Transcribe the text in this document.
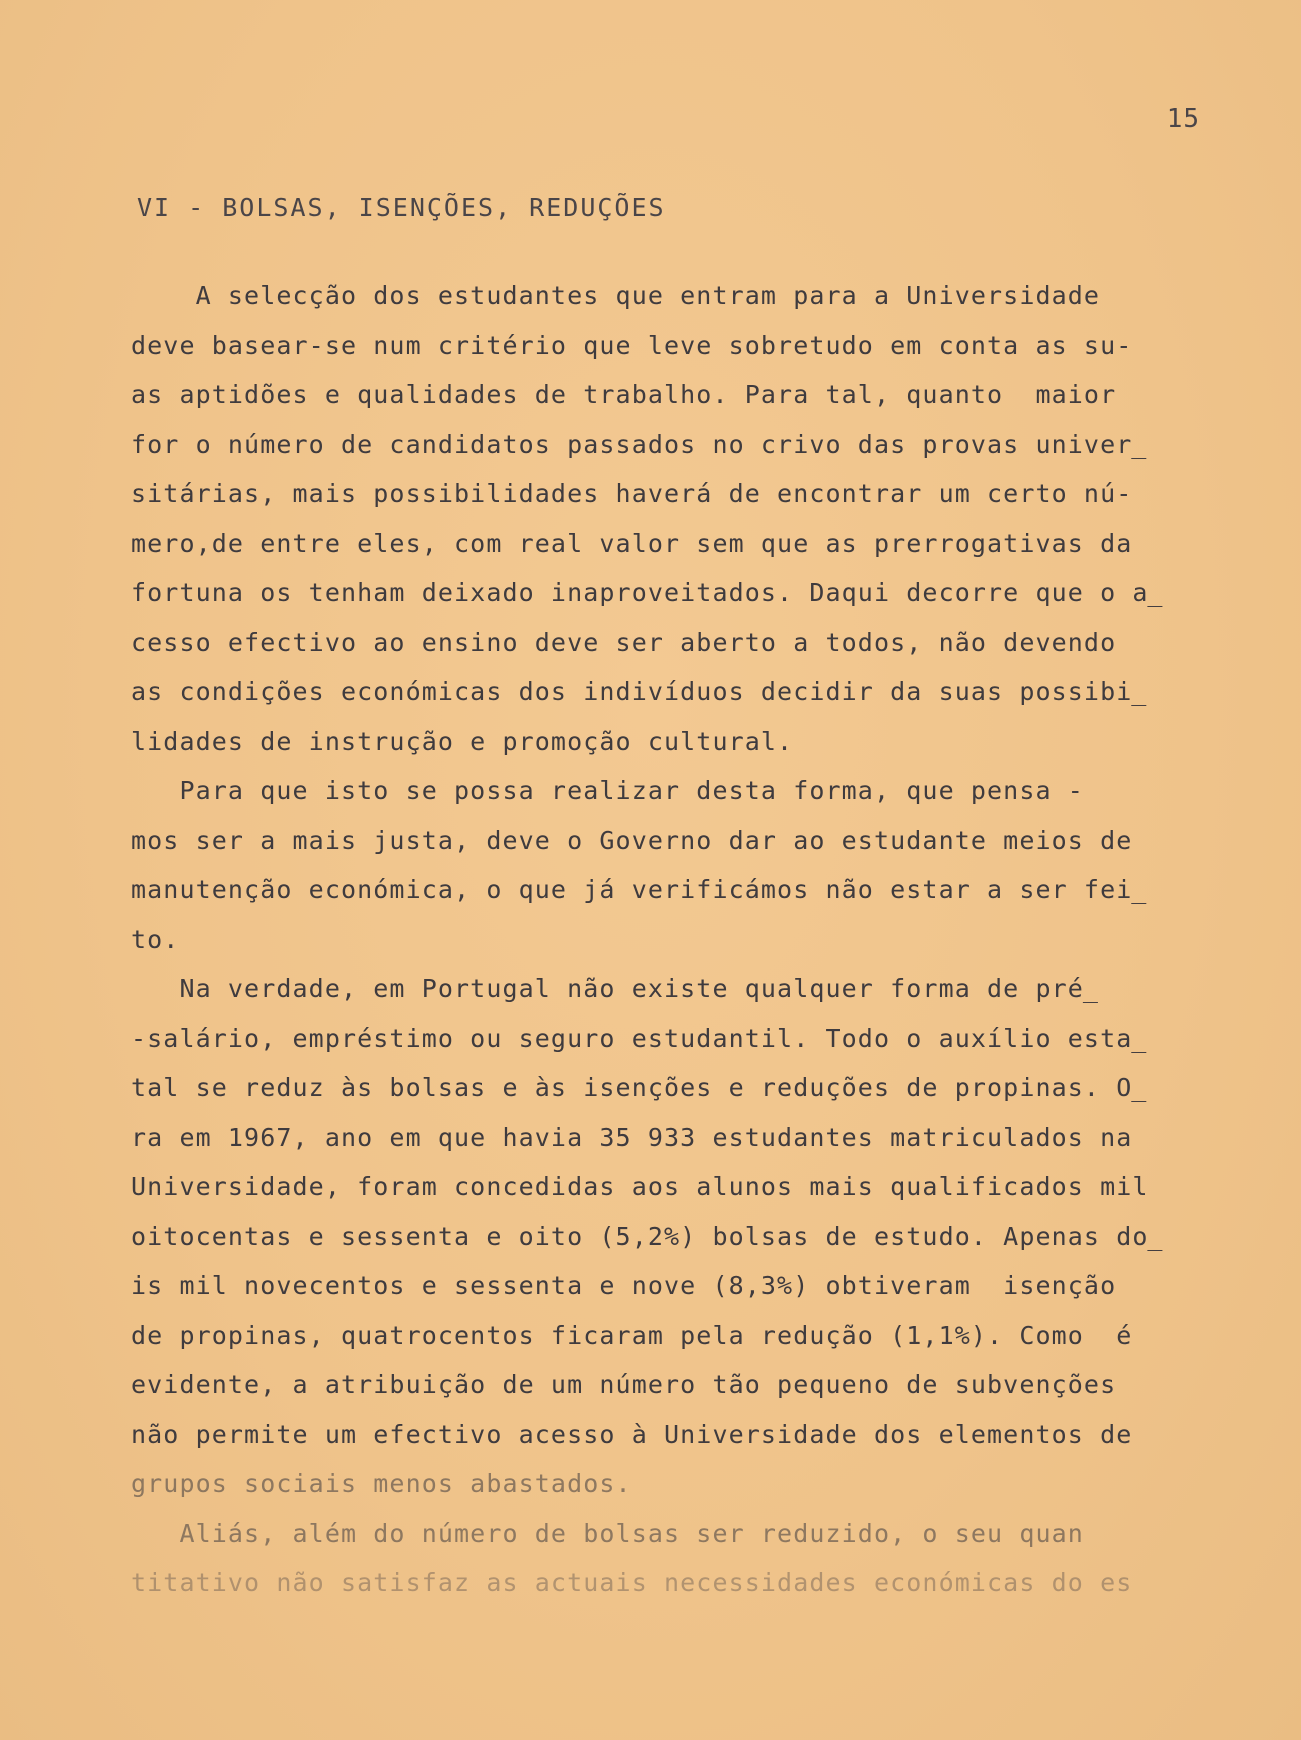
15
VI - BOLSAS, ISENÇÕES, REDUÇÕES
A selecção dos estudantes que entram para a Universidade
deve basear-se num critério que leve sobretudo em conta as su-
as aptidões e qualidades de trabalho. Para tal, quanto  maior
for o número de candidatos passados no crivo das provas univer̲
sitárias, mais possibilidades haverá de encontrar um certo nú-
mero,de entre eles, com real valor sem que as prerrogativas da
fortuna os tenham deixado inaproveitados. Daqui decorre que o a̲
cesso efectivo ao ensino deve ser aberto a todos, não devendo
as condições económicas dos indivíduos decidir da suas possibi̲
lidades de instrução e promoção cultural.
Para que isto se possa realizar desta forma, que pensa -
mos ser a mais justa, deve o Governo dar ao estudante meios de
manutenção económica, o que já verificámos não estar a ser fei̲
to.
Na verdade, em Portugal não existe qualquer forma de pré̲
-salário, empréstimo ou seguro estudantil. Todo o auxílio esta̲
tal se reduz às bolsas e às isenções e reduções de propinas. O̲
ra em 1967, ano em que havia 35 933 estudantes matriculados na
Universidade, foram concedidas aos alunos mais qualificados mil
oitocentas e sessenta e oito (5,2%) bolsas de estudo. Apenas do̲
is mil novecentos e sessenta e nove (8,3%) obtiveram  isenção
de propinas, quatrocentos ficaram pela redução (1,1%). Como  é
evidente, a atribuição de um número tão pequeno de subvenções
não permite um efectivo acesso à Universidade dos elementos de
grupos sociais menos abastados.
Aliás, além do número de bolsas ser reduzido, o seu quan
titativo não satisfaz as actuais necessidades económicas do es
